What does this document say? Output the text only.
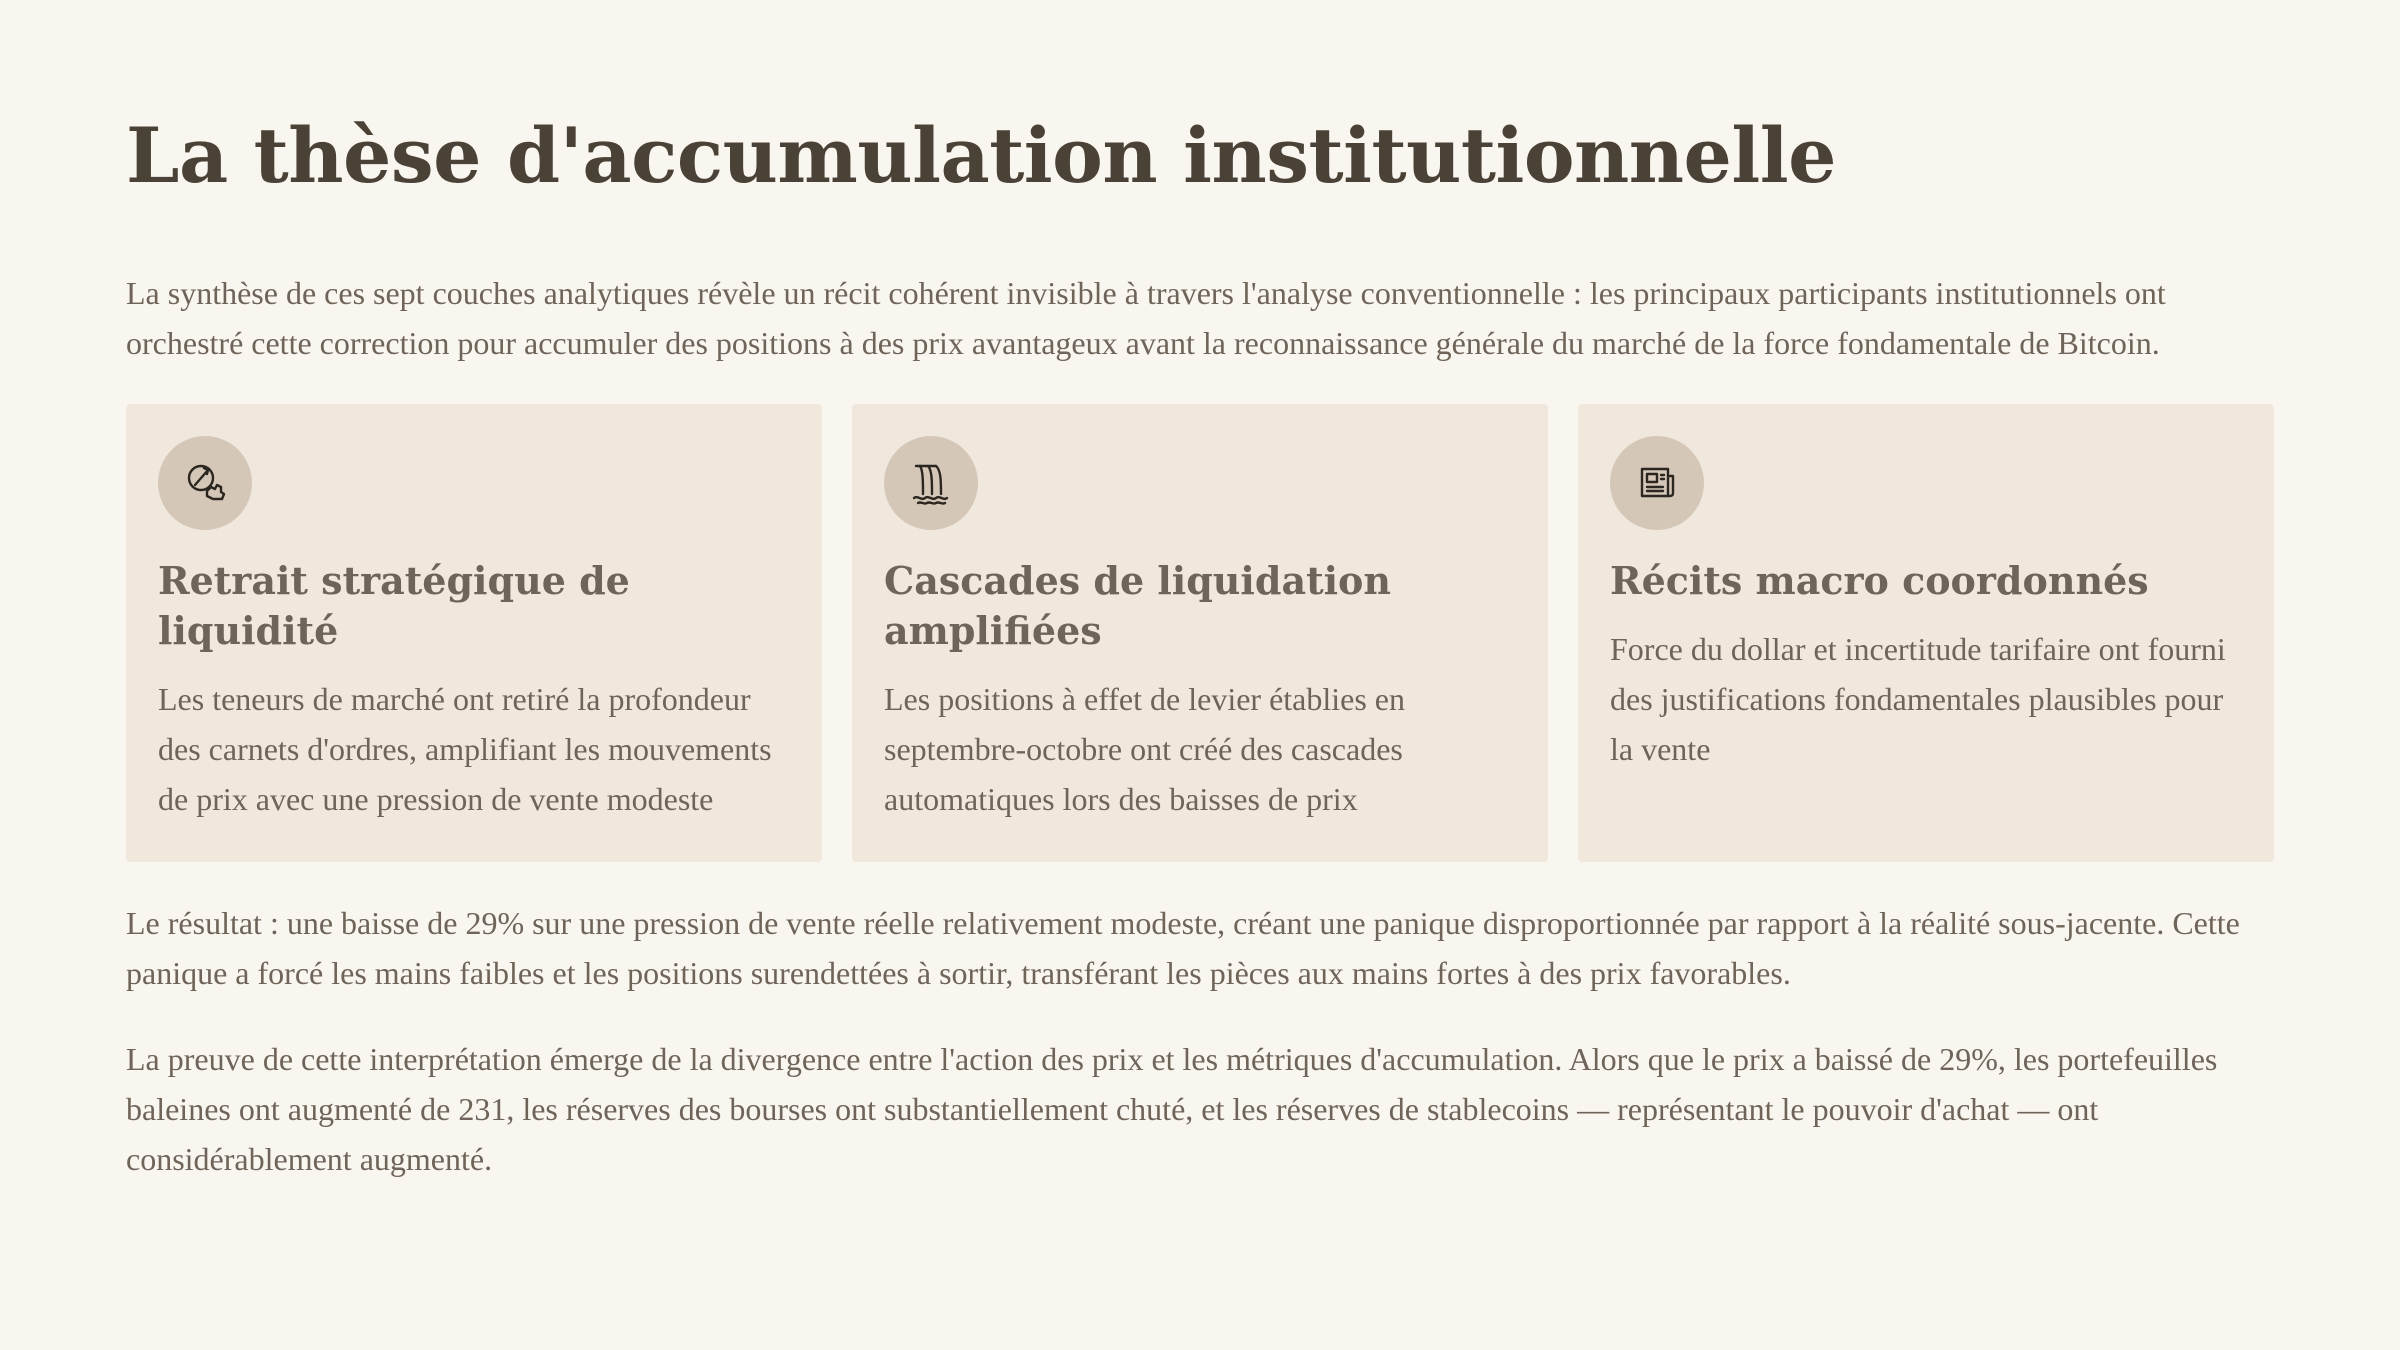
La thèse d'accumulation institutionnelle

La synthèse de ces sept couches analytiques révèle un récit cohérent invisible à travers l'analyse conventionnelle : les principaux participants institutionnels ont orchestré cette correction pour accumuler des positions à des prix avantageux avant la reconnaissance générale du marché de la force fondamentale de Bitcoin.

Retrait stratégique de liquidité

Les teneurs de marché ont retiré la profondeur des carnets d'ordres, amplifiant les mouvements de prix avec une pression de vente modeste

Cascades de liquidation amplifiées

Les positions à effet de levier établies en septembre-octobre ont créé des cascades automatiques lors des baisses de prix

Récits macro coordonnés

Force du dollar et incertitude tarifaire ont fourni des justifications fondamentales plausibles pour la vente

Le résultat : une baisse de 29% sur une pression de vente réelle relativement modeste, créant une panique disproportionnée par rapport à la réalité sous-jacente. Cette panique a forcé les mains faibles et les positions surendettées à sortir, transférant les pièces aux mains fortes à des prix favorables.

La preuve de cette interprétation émerge de la divergence entre l'action des prix et les métriques d'accumulation. Alors que le prix a baissé de 29%, les portefeuilles baleines ont augmenté de 231, les réserves des bourses ont substantiellement chuté, et les réserves de stablecoins — représentant le pouvoir d'achat — ont considérablement augmenté.
